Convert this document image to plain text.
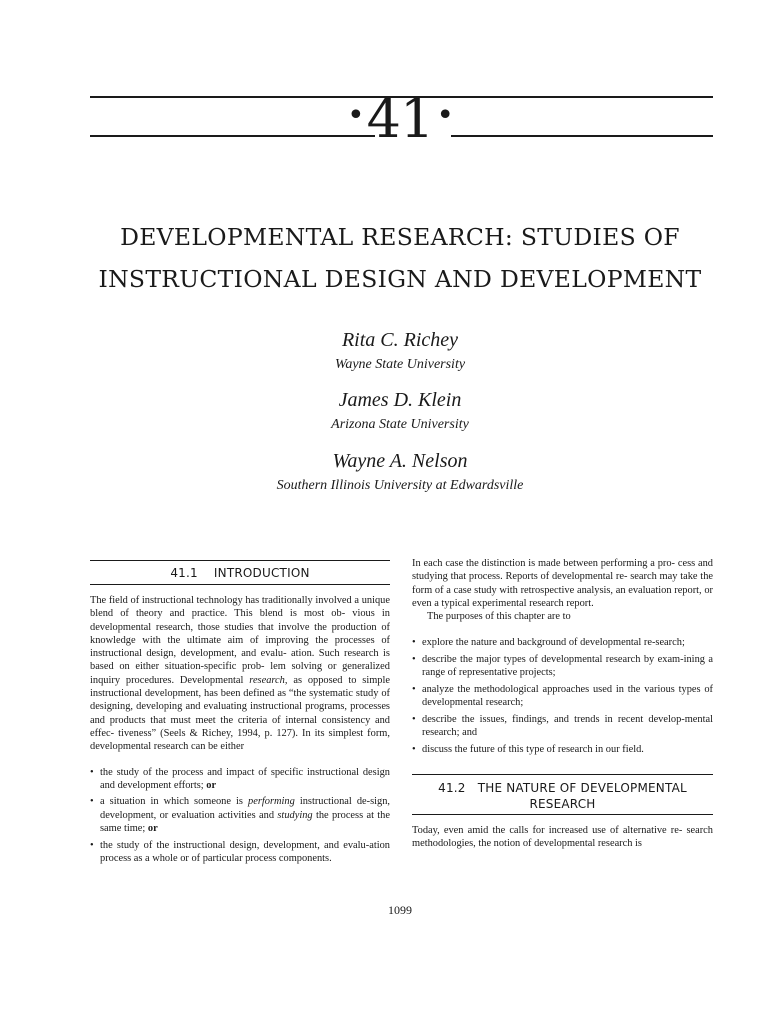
•41 •
DEVELOPMENTAL RESEARCH: STUDIES OF
INSTRUCTIONAL DESIGN AND DEVELOPMENT
Rita C. Richey
Wayne State University
James D. Klein
Arizona State University
Wayne A. Nelson
Southern Illinois University at Edwardsville
41.1 INTRODUCTION

The field of instructional technology has traditionally involved a unique blend of theory and practice. This blend is most ob- vious in developmental research, those studies that involve the production of knowledge with the ultimate aim of improving the processes of instructional design, development, and evalu- ation. Such research is based on either situation-specific prob- lem solving or generalized inquiry procedures. Developmental research, as opposed to simple instructional development, has been defined as “the systematic study of designing, developing and evaluating instructional programs, processes and products that must meet the criteria of internal consistency and effec- tiveness” (Seels & Richey, 1994, p. 127). In its simplest form, developmental research can be either

• the study of the process and impact of specific instructional design and development efforts; or
• a situation in which someone is performing instructional de-sign, development, or evaluation activities and studying the process at the same time; or
• the study of the instructional design, development, and evalu-ation process as a whole or of particular process components.

In each case the distinction is made between performing a pro- cess and studying that process. Reports of developmental re- search may take the form of a case study with retrospective analysis, an evaluation report, or even a typical experimental research report.

The purposes of this chapter are to

• explore the nature and background of developmental re-search;
• describe the major types of developmental research by exam-ining a range of representative projects;
• analyze the methodological approaches used in the various types of developmental research;
• describe the issues, findings, and trends in recent develop-mental research; and
• discuss the future of this type of research in our field.
41.2 THE NATURE OF DEVELOPMENTAL
RESEARCH

Today, even amid the calls for increased use of alternative re- search methodologies, the notion of developmental research is

1099
